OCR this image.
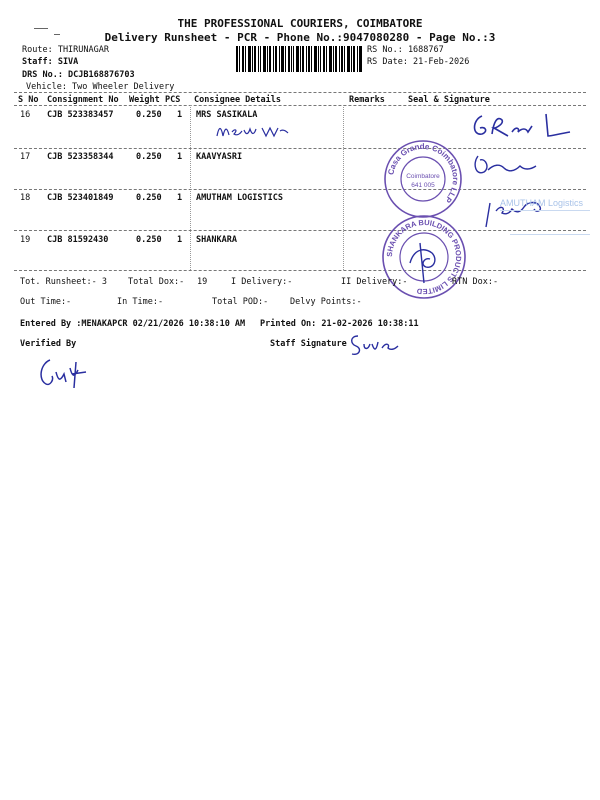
THE PROFESSIONAL COURIERS, COIMBATORE
Delivery Runsheet - PCR - Phone No.:9047080280 - Page No.:3
Route: THIRUNAGAR
Staff: SIVA
DRS No.: DCJB168876703
Vehicle: Two Wheeler Delivery
RS No.: 1688767
RS Date: 21-Feb-2026
S No Consignment No Weight PCS Consignee Details	Remarks	Seal & Signature
16 CJB 523383457	0.250 1 MRS SASIKALA
17 CJB 523358344	0.250 1 KAAVYASRI
18 CJB 523401849	0.250 1 AMUTHAM LOGISTICS
19 CJB 81592430	0.250 1 SHANKARA
AMUTHAM Logistics
Casa Grande Coimbatore LLP
Coimbatore
641 005
SHANKARA BUILDING PRODUCTS LIMITED
Tot. Runsheet:- 3 Total Dox:- 19	I Delivery:-	II Delivery:-	RTN Dox:-
Out Time:-	In Time:-	Total POD:-	Delvy Points:-
Entered By :MENAKAPCR 02/21/2026 10:38:10 AM Printed On: 21-02-2026 10:38:11
Verified By	Staff Signature
